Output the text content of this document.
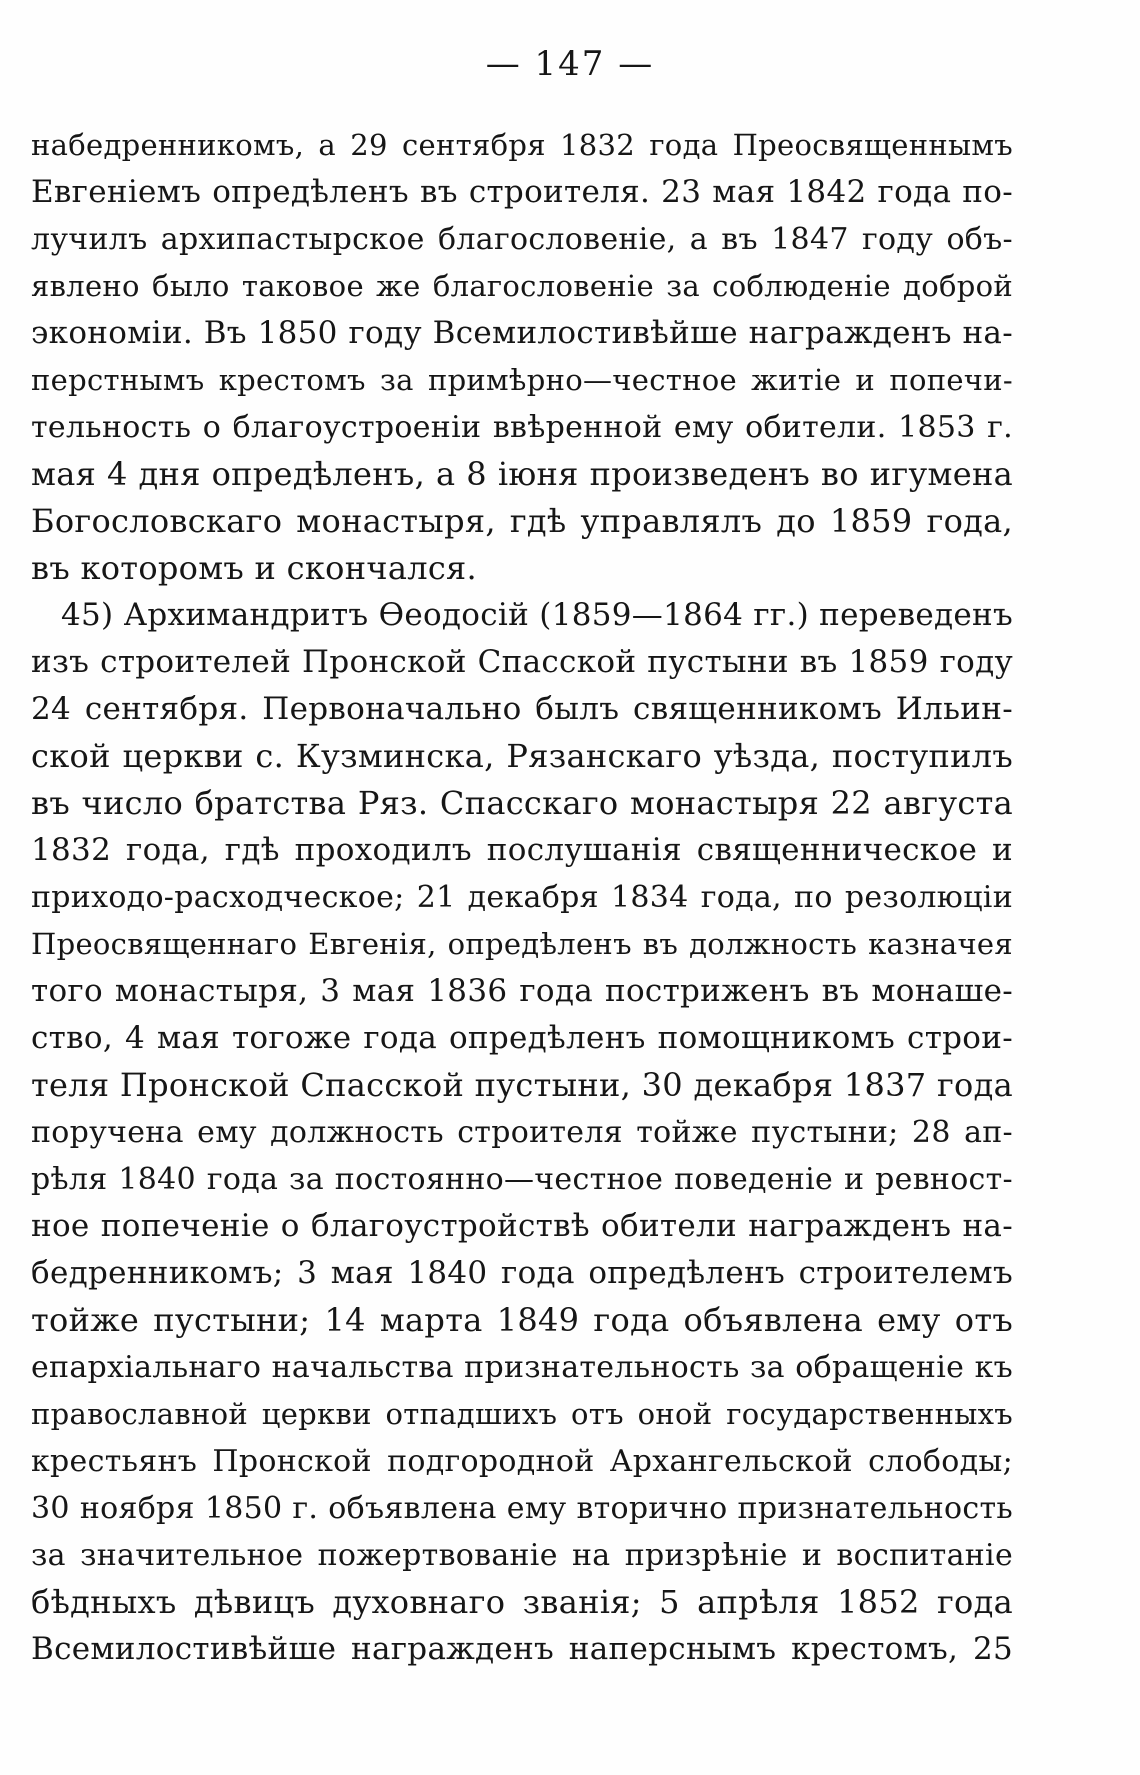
— 147 —
набедренникомъ, а 29 сентября 1832 года Преосвященнымъ
Евгеніемъ опредѣленъ въ строителя. 23 мая 1842 года по-
лучилъ архипастырское благословеніе, а въ 1847 году объ-
явлено было таковое же благословеніе за соблюденіе доброй
экономіи. Въ 1850 году Всемилостивѣйше награжденъ на-
перстнымъ крестомъ за примѣрно—честное житіе и попечи-
тельность о благоустроеніи ввѣренной ему обители. 1853 г.
мая 4 дня опредѣленъ, а 8 іюня произведенъ во игумена
Богословскаго монастыря, гдѣ управлялъ до 1859 года,
въ которомъ и скончался.
45) Архимандритъ Ѳеодосій (1859—1864 гг.) переведенъ
изъ строителей Пронской Спасской пустыни въ 1859 году
24 сентября. Первоначально былъ священникомъ Ильин-
ской церкви с. Кузминска, Рязанскаго уѣзда, поступилъ
въ число братства Ряз. Спасскаго монастыря 22 августа
1832 года, гдѣ проходилъ послушанія священническое и
приходо-расходческое; 21 декабря 1834 года, по резолюціи
Преосвященнаго Евгенія, опредѣленъ въ должность казначея
того монастыря, 3 мая 1836 года постриженъ въ монаше-
ство, 4 мая тогоже года опредѣленъ помощникомъ строи-
теля Пронской Спасской пустыни, 30 декабря 1837 года
поручена ему должность строителя тойже пустыни; 28 ап-
рѣля 1840 года за постоянно—честное поведеніе и ревност-
ное попеченіе о благоустройствѣ обители награжденъ на-
бедренникомъ; 3 мая 1840 года опредѣленъ строителемъ
тойже пустыни; 14 марта 1849 года объявлена ему отъ
епархіальнаго начальства признательность за обращеніе къ
православной церкви отпадшихъ отъ оной государственныхъ
крестьянъ Пронской подгородной Архангельской слободы;
30 ноября 1850 г. объявлена ему вторично признательность
за значительное пожертвованіе на призрѣніе и воспитаніе
бѣдныхъ дѣвицъ духовнаго званія; 5 апрѣля 1852 года
Всемилостивѣйше награжденъ наперснымъ крестомъ, 25
